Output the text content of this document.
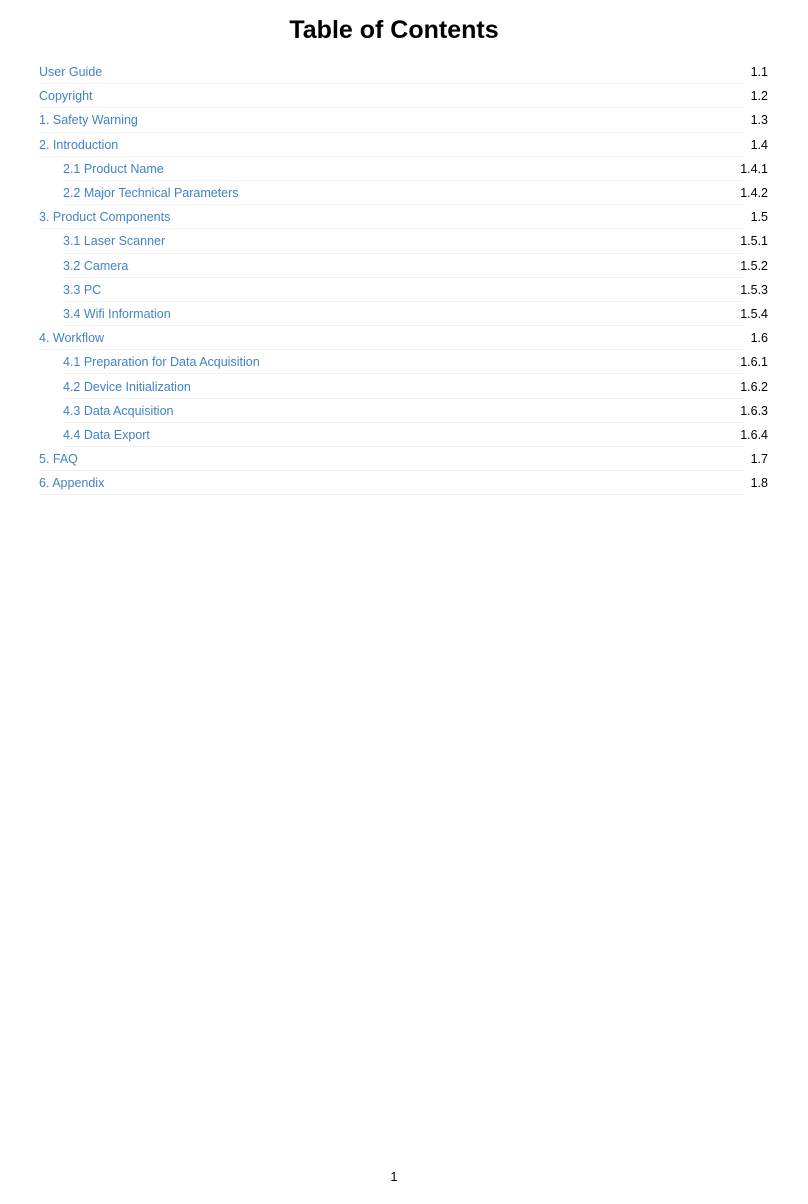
Table of Contents
User Guide	1.1
Copyright	1.2
1. Safety Warning	1.3
2. Introduction	1.4
2.1 Product Name	1.4.1
2.2 Major Technical Parameters	1.4.2
3. Product Components	1.5
3.1 Laser Scanner	1.5.1
3.2 Camera	1.5.2
3.3 PC	1.5.3
3.4 Wifi Information	1.5.4
4. Workflow	1.6
4.1 Preparation for Data Acquisition	1.6.1
4.2 Device Initialization	1.6.2
4.3 Data Acquisition	1.6.3
4.4 Data Export	1.6.4
5. FAQ	1.7
6. Appendix	1.8
1
